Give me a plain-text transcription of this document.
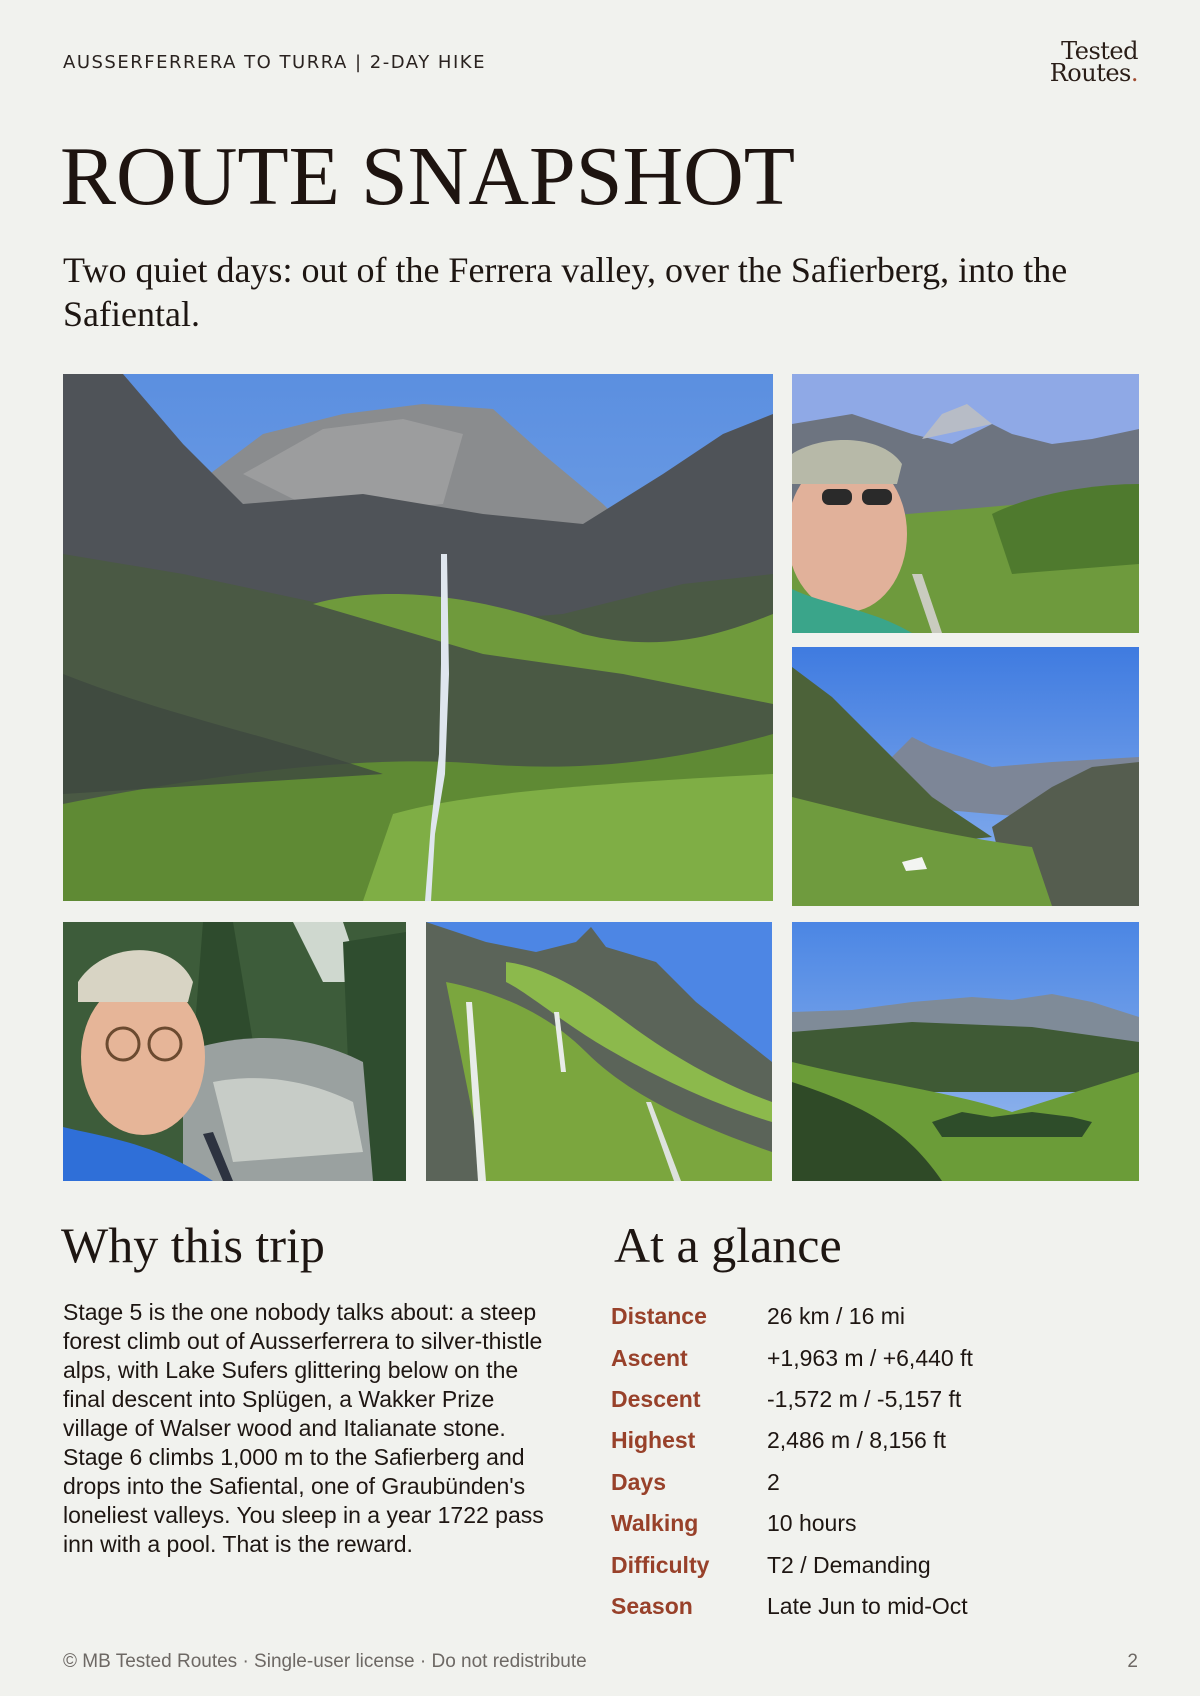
AUSSERFERRERA TO TURRA | 2-DAY HIKE	Tested
Routes.
ROUTE SNAPSHOT

Two quiet days: out of the Ferrera valley, over the Safierberg, into the Safiental.

Why this trip

Stage 5 is the one nobody talks about: a steep forest climb out of Ausserferrera to silver-thistle alps, with Lake Sufers glittering below on the final descent into Splügen, a Wakker Prize village of Walser wood and Italianate stone. Stage 6 climbs 1,000 m to the Safierberg and drops into the Safiental, one of Graubünden's loneliest valleys. You sleep in a year 1722 pass inn with a pool. That is the reward.

At a glance
Distance	26 km / 16 mi
Ascent	+1,963 m / +6,440 ft
Descent	-1,572 m / -5,157 ft
Highest	2,486 m / 8,156 ft
Days	2
Walking	10 hours
Difficulty	T2 / Demanding
Season	Late Jun to mid-Oct
© MB Tested Routes · Single-user license · Do not redistribute	2
